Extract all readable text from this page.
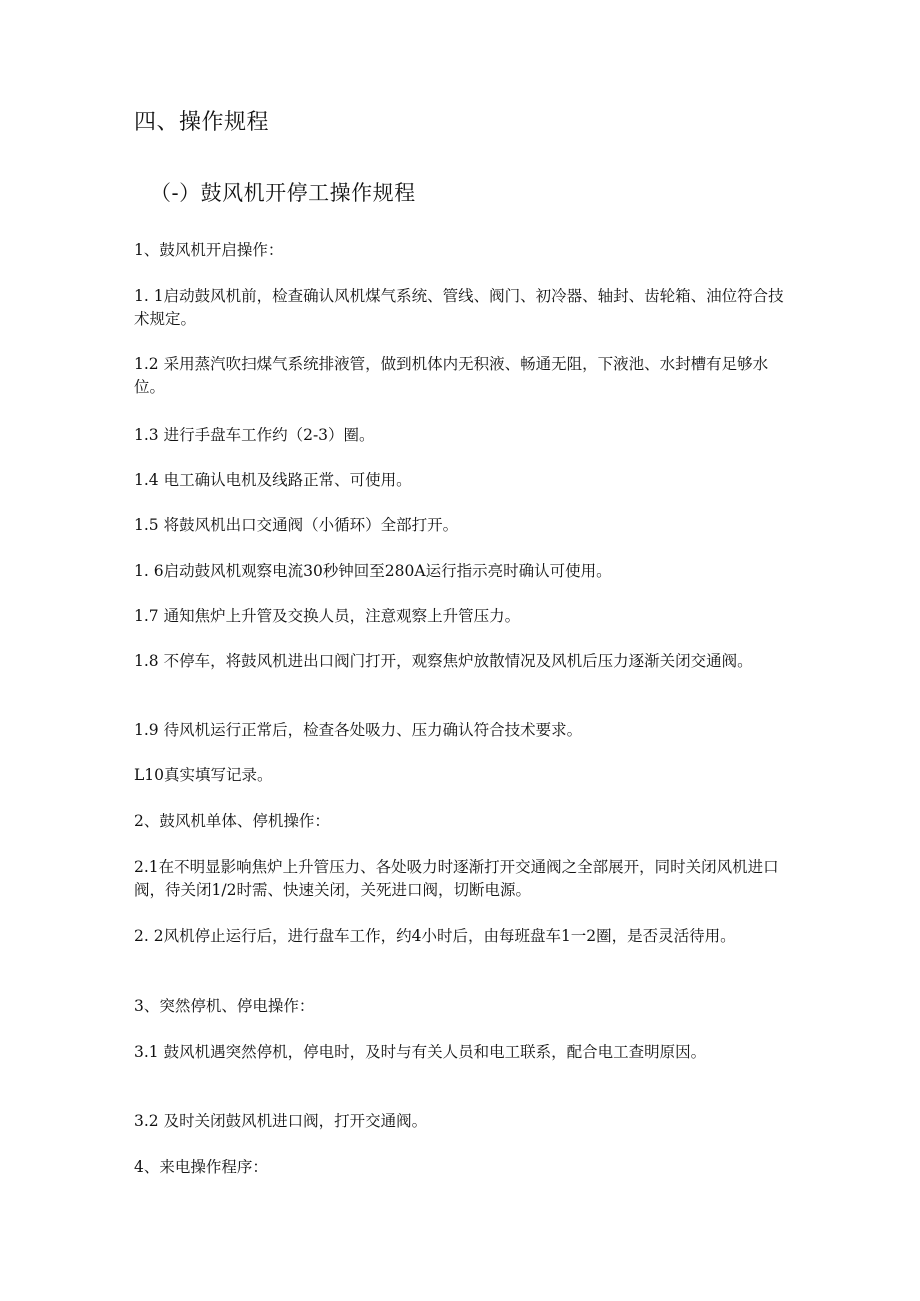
四、操作规程
（-）鼓风机开停工操作规程
1、鼓风机开启操作：
1. 1启动鼓风机前，检查确认风机煤气系统、管线、阀门、初冷器、轴封、齿轮箱、油位符合技术规定。
1.2 采用蒸汽吹扫煤气系统排液管，做到机体内无积液、畅通无阻，下液池、水封槽有足够水位。
1.3 进行手盘车工作约（2-3）圈。
1.4 电工确认电机及线路正常、可使用。
1.5 将鼓风机出口交通阀（小循环）全部打开。
1. 6启动鼓风机观察电流30秒钟回至280A运行指示亮时确认可使用。
1.7 通知焦炉上升管及交换人员，注意观察上升管压力。
1.8 不停车，将鼓风机进出口阀门打开，观察焦炉放散情况及风机后压力逐渐关闭交通阀。
1.9 待风机运行正常后，检查各处吸力、压力确认符合技术要求。
L10真实填写记录。
2、鼓风机单体、停机操作：
2.1在不明显影响焦炉上升管压力、各处吸力时逐渐打开交通阀之全部展开，同时关闭风机进口阀，待关闭1/2时需、快速关闭，关死进口阀，切断电源。
2. 2风机停止运行后，进行盘车工作，约4小时后，由每班盘车1一2圈，是否灵活待用。
3、突然停机、停电操作：
3.1 鼓风机遇突然停机，停电时，及时与有关人员和电工联系，配合电工查明原因。
3.2 及时关闭鼓风机进口阀，打开交通阀。
4、来电操作程序：
